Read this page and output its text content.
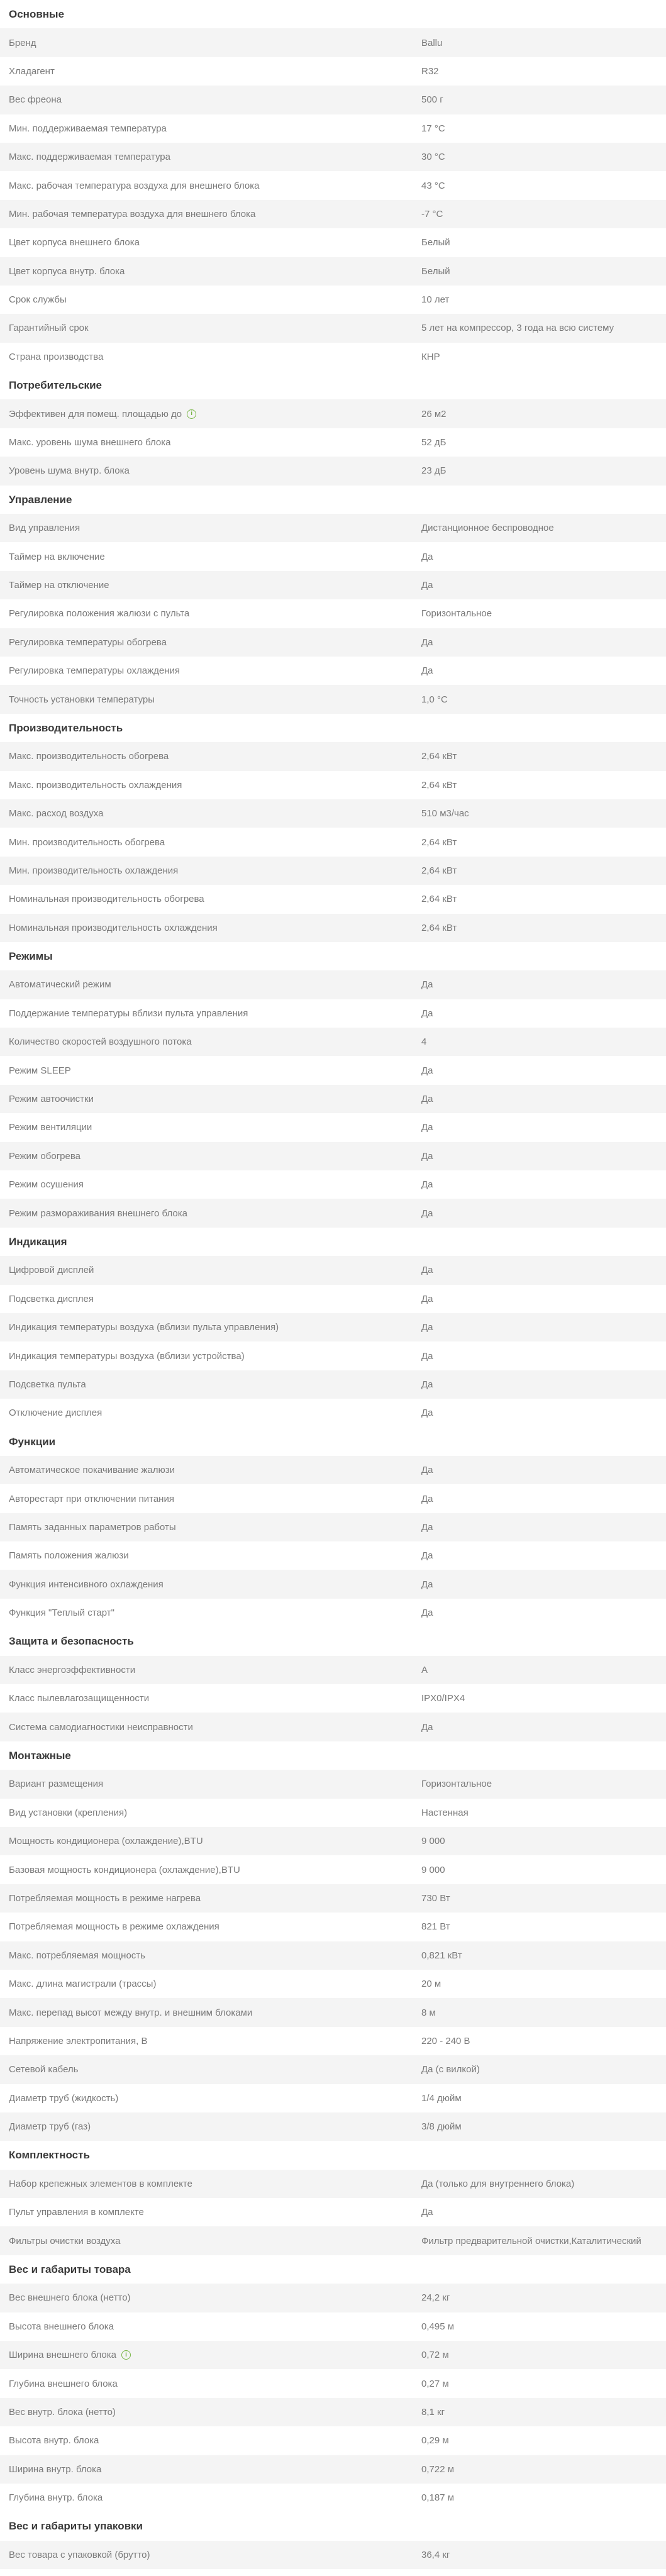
Основные
Бренд	Ballu
Хладагент	R32
Вес фреона	500 г
Мин. поддерживаемая температура	17 °C
Макс. поддерживаемая температура	30 °C
Макс. рабочая температура воздуха для внешнего блока	43 °C
Мин. рабочая температура воздуха для внешнего блока	-7 °C
Цвет корпуса внешнего блока	Белый
Цвет корпуса внутр. блока	Белый
Срок службы	10 лет
Гарантийный срок	5 лет на компрессор, 3 года на всю систему
Страна производства	КНР
Потребительские
Эффективен для помещ. площадью до	i	26 м2
Макс. уровень шума внешнего блока	52 дБ
Уровень шума внутр. блока	23 дБ
Управление
Вид управления	Дистанционное беспроводное
Таймер на включение	Да
Таймер на отключение	Да
Регулировка положения жалюзи с пульта	Горизонтальное
Регулировка температуры обогрева	Да
Регулировка температуры охлаждения	Да
Точность установки температуры	1,0 °C
Производительность
Макс. производительность обогрева	2,64 кВт
Макс. производительность охлаждения	2,64 кВт
Макс. расход воздуха	510 м3/час
Мин. производительность обогрева	2,64 кВт
Мин. производительность охлаждения	2,64 кВт
Номинальная производительность обогрева	2,64 кВт
Номинальная производительность охлаждения	2,64 кВт
Режимы
Автоматический режим	Да
Поддержание температуры вблизи пульта управления	Да
Количество скоростей воздушного потока	4
Режим SLEEP	Да
Режим автоочистки	Да
Режим вентиляции	Да
Режим обогрева	Да
Режим осушения	Да
Режим размораживания внешнего блока	Да
Индикация
Цифровой дисплей	Да
Подсветка дисплея	Да
Индикация температуры воздуха (вблизи пульта управления)	Да
Индикация температуры воздуха (вблизи устройства)	Да
Подсветка пульта	Да
Отключение дисплея	Да
Функции
Автоматическое покачивание жалюзи	Да
Авторестарт при отключении питания	Да
Память заданных параметров работы	Да
Память положения жалюзи	Да
Функция интенсивного охлаждения	Да
Функция "Теплый старт"	Да
Защита и безопасность
Класс энергоэффективности	A
Класс пылевлагозащищенности	IPX0/IPX4
Система самодиагностики неисправности	Да
Монтажные
Вариант размещения	Горизонтальное
Вид установки (крепления)	Настенная
Мощность кондиционера (охлаждение),BTU	9 000
Базовая мощность кондиционера (охлаждение),BTU	9 000
Потребляемая мощность в режиме нагрева	730 Вт
Потребляемая мощность в режиме охлаждения	821 Вт
Макс. потребляемая мощность	0,821 кВт
Макс. длина магистрали (трассы)	20 м
Макс. перепад высот между внутр. и внешним блоками	8 м
Напряжение электропитания, В	220 - 240 В
Сетевой кабель	Да (с вилкой)
Диаметр труб (жидкость)	1/4 дюйм
Диаметр труб (газ)	3/8 дюйм
Комплектность
Набор крепежных элементов в комплекте	Да (только для внутреннего блока)
Пульт управления в комплекте	Да
Фильтры очистки воздуха	Фильтр предварительной очистки,Каталитический
Вес и габариты товара
Вес внешнего блока (нетто)	24,2 кг
Высота внешнего блока	0,495 м
Ширина внешнего блока	i	0,72 м
Глубина внешнего блока	0,27 м
Вес внутр. блока (нетто)	8,1 кг
Высота внутр. блока	0,29 м
Ширина внутр. блока	0,722 м
Глубина внутр. блока	0,187 м
Вес и габариты упаковки
Вес товара с упаковкой (брутто)	36,4 кг
